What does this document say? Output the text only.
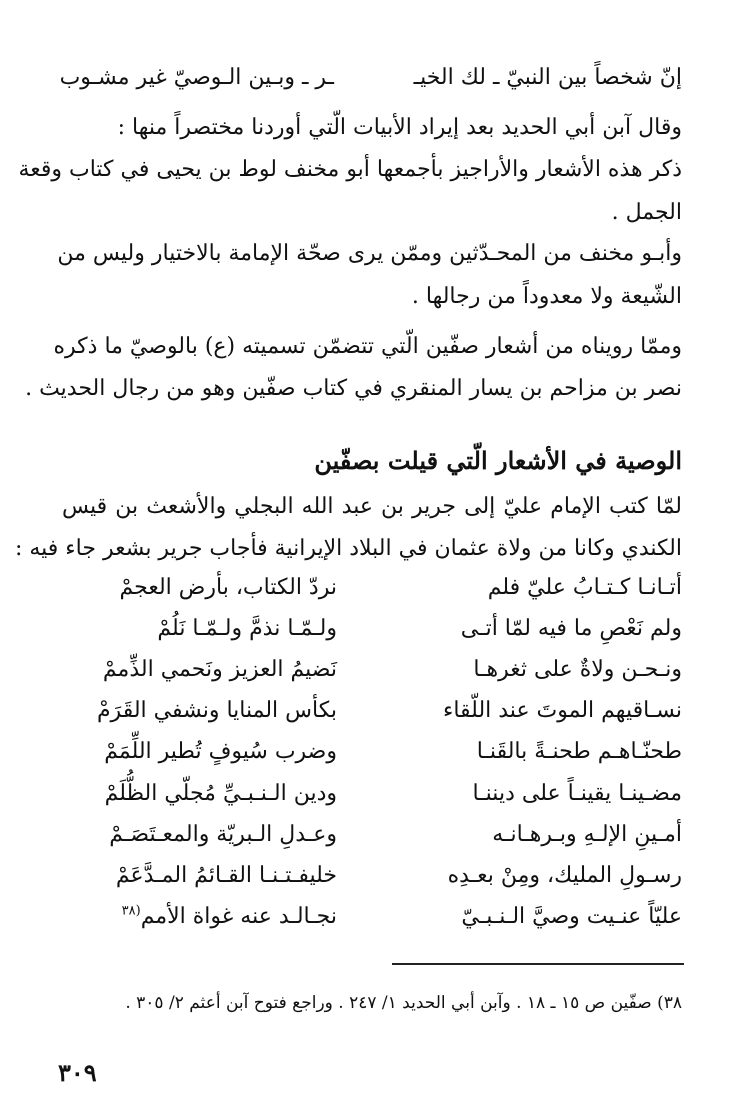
إنّ شخصاً بين النبيّ ـ لك الخيـ
ـر ـ وبـين الـوصيّ غير مشـوب
وقال آبن أبي الحديد بعد إيراد الأبيات الّتي أوردنا مختصراً منها :
ذكر هذه الأشعار والأراجيز بأجمعها أبو مخنف لوط بن يحيى في كتاب وقعة
الجمل .
وأبـو مخنف من المحـدّثين وممّن يرى صحّة الإمامة بالاختيار وليس من
الشّيعة ولا معدوداً من رجالها .
وممّا رويناه من أشعار صفّين الّتي تتضمّن تسميته (ع) بالوصيّ ما ذكره
نصر بن مزاحم بن يسار المنقري في كتاب صفّين وهو من رجال الحديث .
الوصية في الأشعار الّتي قيلت بصفّين
لمّا كتب الإمام عليّ إلى جرير بن عبد الله البجلي والأشعث بن قيس
الكندي وكانا من ولاة عثمان في البلاد الإيرانية فأجاب جرير بشعر جاء فيه :
أتـانـا كـتـابُ عليّ فلم
نردّ الكتاب، بأرض العجمْ
ولم نَعْصِ ما فيه لمّا أتـى
ولـمّـا نذمَّ ولـمّـا نَلُمْ
ونـحـن ولاةٌ على ثغرهـا
نَضيمُ العزيز ونَحمي الذِّممْ
نسـاقيهم الموتَ عند اللّقاء
بكأس المنايا ونشفي القَرَمْ
طحنّـاهـم طحنـةً بالقَنـا
وضرب سُيوفٍ تُطير اللِّمَمْ
مضـينـا يقينـاً على ديننـا
ودين الـنـبـيِّ مُجلّي الظُّلَمْ
أمـينِ الإلـهِ وبـرهـانـه
وعـدلِ الـبريّة والمعـتَصَـمْ
رسـولِ المليك، ومِنْ بعـدِه
خليفـتـنـا القـائمُ المـدَّعَمْ
عليّاً عنـيت وصيَّ الـنـبـيّ
نجـالـد عنه غواة الأمم$^{(٣٨}$
٣٨) صفّين ص ١٥ ـ ١٨ . وآبن أبي الحديد ١/ ٢٤٧ . وراجع فتوح آبن أعثم ٢/ ٣٠٥ .
٣٠٩
